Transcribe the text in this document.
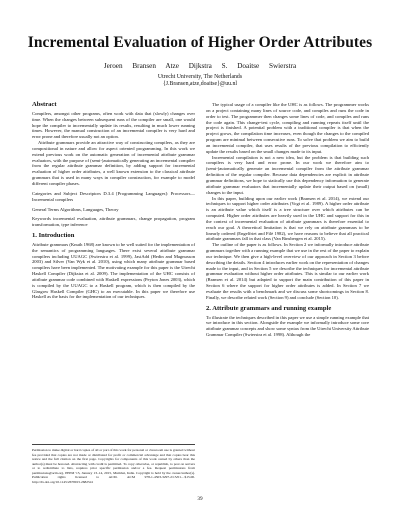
Incremental Evaluation of Higher Order Attributes
Jeroen Bransen Atze Dijkstra S. Doaitse Swierstra
Utrecht University, The Netherlands
{J.Bransen,atze,doaitse}@uu.nl
Abstract

Compilers, amongst other programs, often work with data that (slowly) changes over time. When the changes between subsequent runs of the compiler are small, one would hope the compiler to incrementally update its results, resulting in much lower running times. However, the manual construction of an incremental compiler is very hard and error prone and therefore usually not an option.

Attribute grammars provide an attractive way of constructing compilers, as they are compositional in nature and allow for aspect oriented programming. In this work we extend previous work on the automatic generation of incremental attribute grammar evaluators, with the purpose of (semi-)automatically generating an incremental compiler from the regular attribute grammar definition, by adding support for incremental evaluation of higher order attributes, a well known extension to the classical attribute grammars that is used in many ways in compiler construction, for example to model different compiler phases.

Categories and Subject Descriptors D.3.4 [Programming Languages]: Processors—Incremental compilers

General Terms Algorithms, Languages, Theory

Keywords incremental evaluation, attribute grammars, change propagation, program transformation, type inference

1. Introduction

Attribute grammars (Knuth 1968) are known to be well suited for the implementation of the semantics of programming languages. There exist several attribute grammar compilers including UUAGC (Swierstra et al. 1999), JastAdd (Hedin and Magnusson 2003) and Silver (Van Wyk et al. 2010), using which many attribute grammar based compilers have been implemented. The motivating example for this paper is the Utrecht Haskell Compiler (Dijkstra et al. 2009). The implementation of the UHC consists of attribute grammar code combined with Haskell expressions (Peyton Jones 2003), which is compiled by the UUAGC to a Haskell program, which is then compiled by the Glasgow Haskell Compiler (GHC) to an executable. In this paper we therefore use Haskell as the basis for the implementation of our techniques.

Permission to make digital or hard copies of all or part of this work for personal or classroom use is granted without fee provided that copies are not made or distributed for profit or commercial advantage and that copies bear this notice and the full citation on the first page. Copyrights for components of this work owned by others than the author(s) must be honored. Abstracting with credit is permitted. To copy otherwise, or republish, to post on servers or to redistribute to lists, requires prior specific permission and/or a fee. Request permissions from permissions@acm.org. PEPM '15, January 13–14, 2015, Mumbai, India. Copyright is held by the owner/author(s). Publication rights licensed to ACM. ACM 978-1-4503-3297-2/15/01…$15.00. http://dx.doi.org/10.1145/2678015.2682541

The typical usage of a compiler like the UHC is as follows. The programmer works on a project containing many lines of source code, and compiles and runs the code in order to test. The programmer then changes some lines of code, and compiles and runs the code again. This change-test cycle, compiling and running repeats itself until the project is finished. A potential problem with a traditional compiler is that when the project grows, the compilation time increases, even though the changes to the compiled program are minimal between consecutive runs. To solve that problem we aim to build an incremental compiler, that uses results of the previous compilation to efficiently update the results based on the small changes made to its input.

Incremental compilation is not a new idea, but the problem is that building such compilers is very hard and error prone. In our work we therefore aim to (semi-)automatically generate an incremental compiler from the attribute grammar definition of the regular compiler. Because data dependencies are explicit in attribute grammar definitions, we hope to statically use this dependency information to generate attribute grammar evaluators that incrementally update their output based on (small) changes to the input.

In this paper, building upon our earlier work (Bransen et al. 2014), we extend our techniques to support higher order attributes (Vogt et al. 1989). A higher order attribute is an attribute value which itself is a tree structure over which attributes can be computed. Higher order attributes are heavily used in the UHC and support for this in the context of incremental evaluation of attribute grammars is therefore essential to reach our goal. A theoretical limitation is that we rely on attribute grammars to be linearly ordered (Engelfriet and Filè 1982), we have reasons to believe that all practical attribute grammars fall in that class (Van Binsbergen et al. 2015).

The outline of the paper is as follows. In Section 2 we informally introduce attribute grammars together with a running example that we use in the rest of the paper to explain our technique. We then give a high-level overview of our approach in Section 3 before describing the details. Section 4 introduces earlier work on the representation of changes made to the input, and in Section 5 we describe the techniques for incremental attribute grammar evaluation without higher order attributes. This is similar to our earlier work (Bransen et al. 2014) but adapted to support the main contribution of this paper in Section 6 where the support for higher order attributes is added. In Section 7 we evaluate the results with a benchmark and we discuss some shortcomings in Section 8. Finally, we describe related work (Section 9) and conclude (Section 10).

2. Attribute grammars and running example

To illustrate the techniques described in this paper we use a simple running example that we introduce in this section. Alongside the example we informally introduce some core attribute grammar concepts and show some syntax from the Utrecht University Attribute Grammar Compiler (Swierstra et al. 1998). Although the

39
